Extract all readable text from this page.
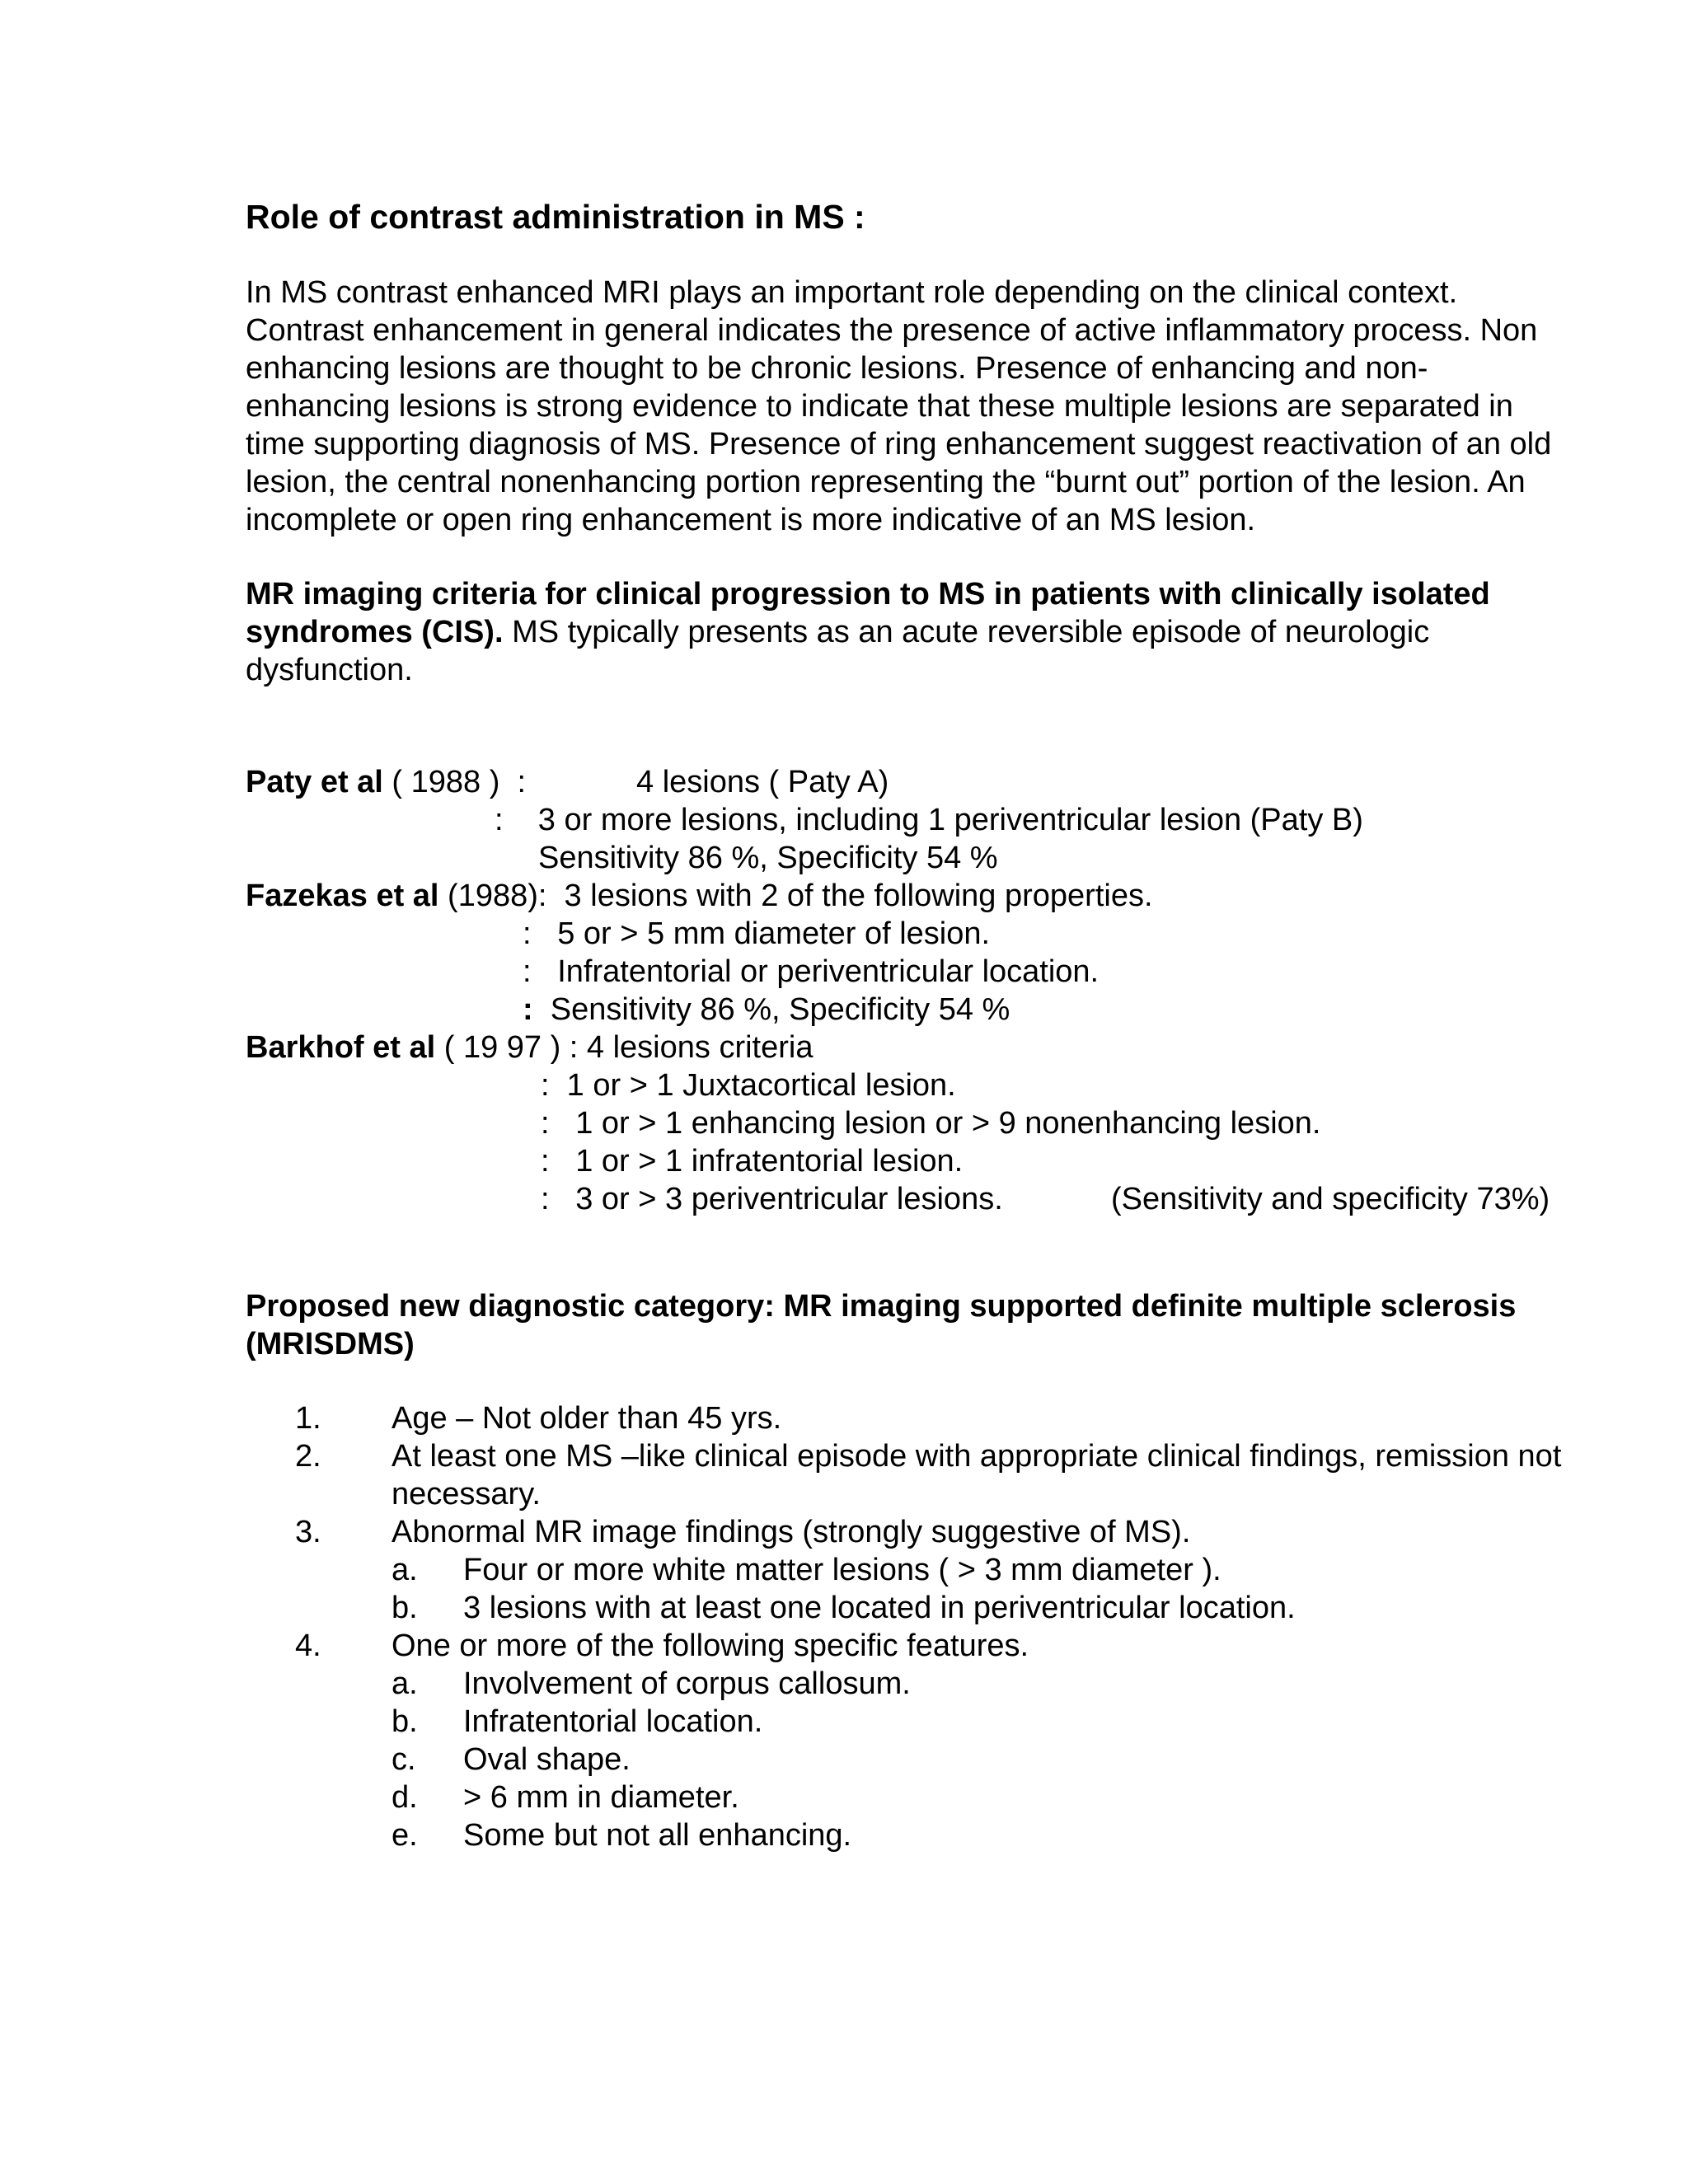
Role of contrast administration in MS :
In MS contrast enhanced MRI plays an important role depending on the clinical context.
Contrast enhancement in general indicates the presence of active inflammatory process. Non
enhancing lesions are thought to be chronic lesions. Presence of enhancing and non-
enhancing lesions is strong evidence to indicate that these multiple lesions are separated in
time supporting diagnosis of MS. Presence of ring enhancement suggest reactivation of an old
lesion, the central nonenhancing portion representing the “burnt out” portion of the lesion. An
incomplete or open ring enhancement is more indicative of an MS lesion.
MR imaging criteria for clinical progression to MS in patients with clinically isolated
syndromes (CIS). MS typically presents as an acute reversible episode of neurologic
dysfunction.
Paty et al ( 1988 )  :	4 lesions ( Paty A)
:    3 or more lesions, including 1 periventricular lesion (Paty B)
Sensitivity 86 %, Specificity 54 %
Fazekas et al (1988):  3 lesions with 2 of the following properties.
:   5 or > 5 mm diameter of lesion.
:   Infratentorial or periventricular location.
:  Sensitivity 86 %, Specificity 54 %
Barkhof et al ( 19 97 ) : 4 lesions criteria
:  1 or > 1 Juxtacortical lesion.
:   1 or > 1 enhancing lesion or > 9 nonenhancing lesion.
:   1 or > 1 infratentorial lesion.
:   3 or > 3 periventricular lesions.	(Sensitivity and specificity 73%)
Proposed new diagnostic category: MR imaging supported definite multiple sclerosis
(MRISDMS)
1. Age – Not older than 45 yrs.
2. At least one MS –like clinical episode with appropriate clinical findings, remission not
necessary.
3. Abnormal MR image findings (strongly suggestive of MS).
a. Four or more white matter lesions ( > 3 mm diameter ).
b. 3 lesions with at least one located in periventricular location.
4. One or more of the following specific features.
a. Involvement of corpus callosum.
b. Infratentorial location.
c. Oval shape.
d. > 6 mm in diameter.
e. Some but not all enhancing.
